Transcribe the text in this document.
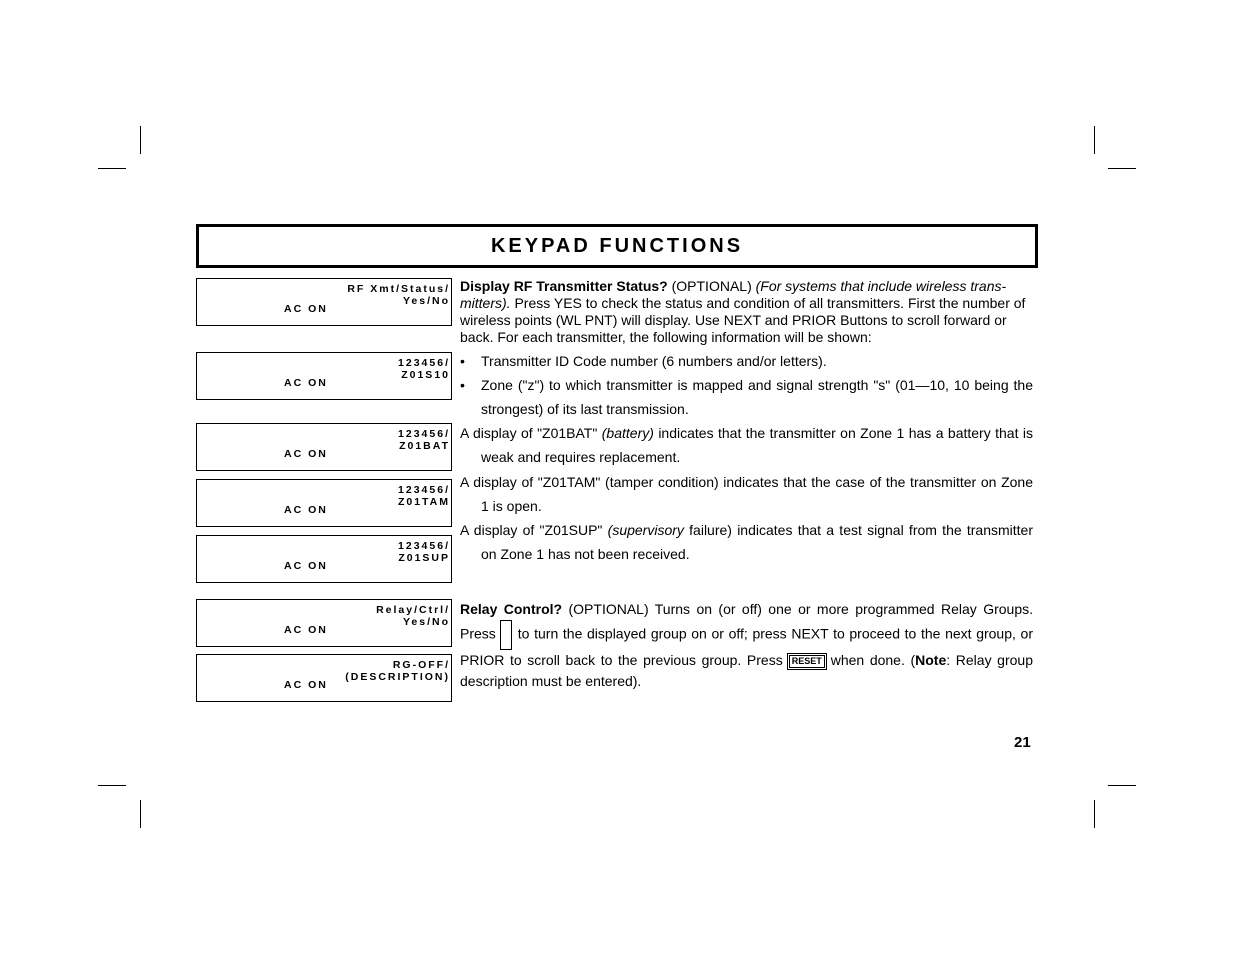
KEYPAD FUNCTIONS
RF Xmt/Status/
Yes/No
AC ON
123456/
Z01S10
AC ON
123456/
Z01BAT
AC ON
123456/
Z01TAM
AC ON
123456/
Z01SUP
AC ON
Relay/Ctrl/
Yes/No
AC ON
RG-OFF/
(DESCRIPTION)
AC ON
Display RF Transmitter Status? (OPTIONAL) (For systems that include wireless trans-mitters). Press YES to check the status and condition of all transmitters. First the number of wireless points (WL PNT) will display. Use NEXT and PRIOR Buttons to scroll forward or back. For each transmitter, the following information will be shown:
•	Transmitter ID Code number (6 numbers and/or letters).
•	Zone ("z") to which transmitter is mapped and signal strength "s" (01—10, 10 being the strongest) of its last transmission.
A display of "Z01BAT" (battery) indicates that the transmitter on Zone 1 has a battery that is weak and requires replacement.
A display of "Z01TAM" (tamper condition) indicates that the case of the transmitter on Zone 1 is open.
A display of "Z01SUP" (supervisory failure) indicates that a test signal from the transmitter on Zone 1 has not been received.
Relay Control? (OPTIONAL) Turns on (or off) one or more programmed Relay Groups. Press to turn the displayed group on or off; press NEXT to proceed to the next group, or PRIOR to scroll back to the previous group. Press RESET when done. (Note: Relay group description must be entered).
21
